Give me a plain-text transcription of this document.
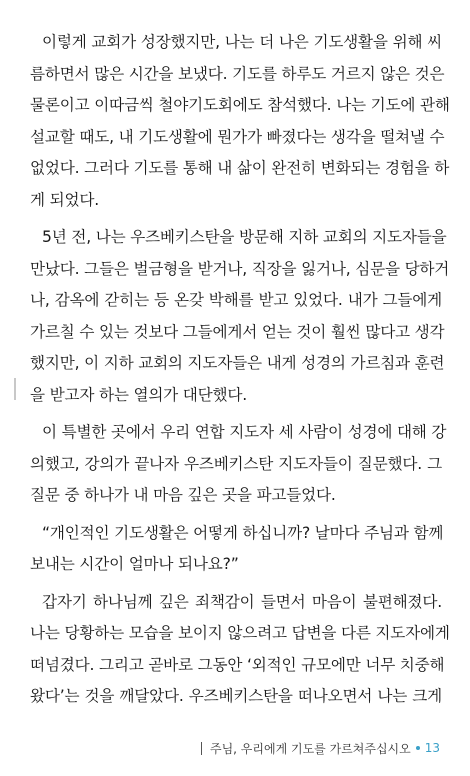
이렇게 교회가 성장했지만, 나는 더 나은 기도생활을 위해 씨
름하면서 많은 시간을 보냈다. 기도를 하루도 거르지 않은 것은
물론이고 이따금씩 철야기도회에도 참석했다. 나는 기도에 관해
설교할 때도, 내 기도생활에 뭔가가 빠졌다는 생각을 떨쳐낼 수
없었다. 그러다 기도를 통해 내 삶이 완전히 변화되는 경험을 하
게 되었다.
5년 전, 나는 우즈베키스탄을 방문해 지하 교회의 지도자들을
만났다. 그들은 벌금형을 받거나, 직장을 잃거나, 심문을 당하거
나, 감옥에 갇히는 등 온갖 박해를 받고 있었다. 내가 그들에게
가르칠 수 있는 것보다 그들에게서 얻는 것이 훨씬 많다고 생각
했지만, 이 지하 교회의 지도자들은 내게 성경의 가르침과 훈련
을 받고자 하는 열의가 대단했다.
이 특별한 곳에서 우리 연합 지도자 세 사람이 성경에 대해 강
의했고, 강의가 끝나자 우즈베키스탄 지도자들이 질문했다. 그
질문 중 하나가 내 마음 깊은 곳을 파고들었다.
“개인적인 기도생활은 어떻게 하십니까? 날마다 주님과 함께
보내는 시간이 얼마나 되나요?”
갑자기 하나님께 깊은 죄책감이 들면서 마음이 불편해졌다.
나는 당황하는 모습을 보이지 않으려고 답변을 다른 지도자에게
떠넘겼다. 그리고 곧바로 그동안 ‘외적인 규모에만 너무 치중해
왔다’는 것을 깨달았다. 우즈베키스탄을 떠나오면서 나는 크게
주님, 우리에게 기도를 가르쳐주십시오 13
